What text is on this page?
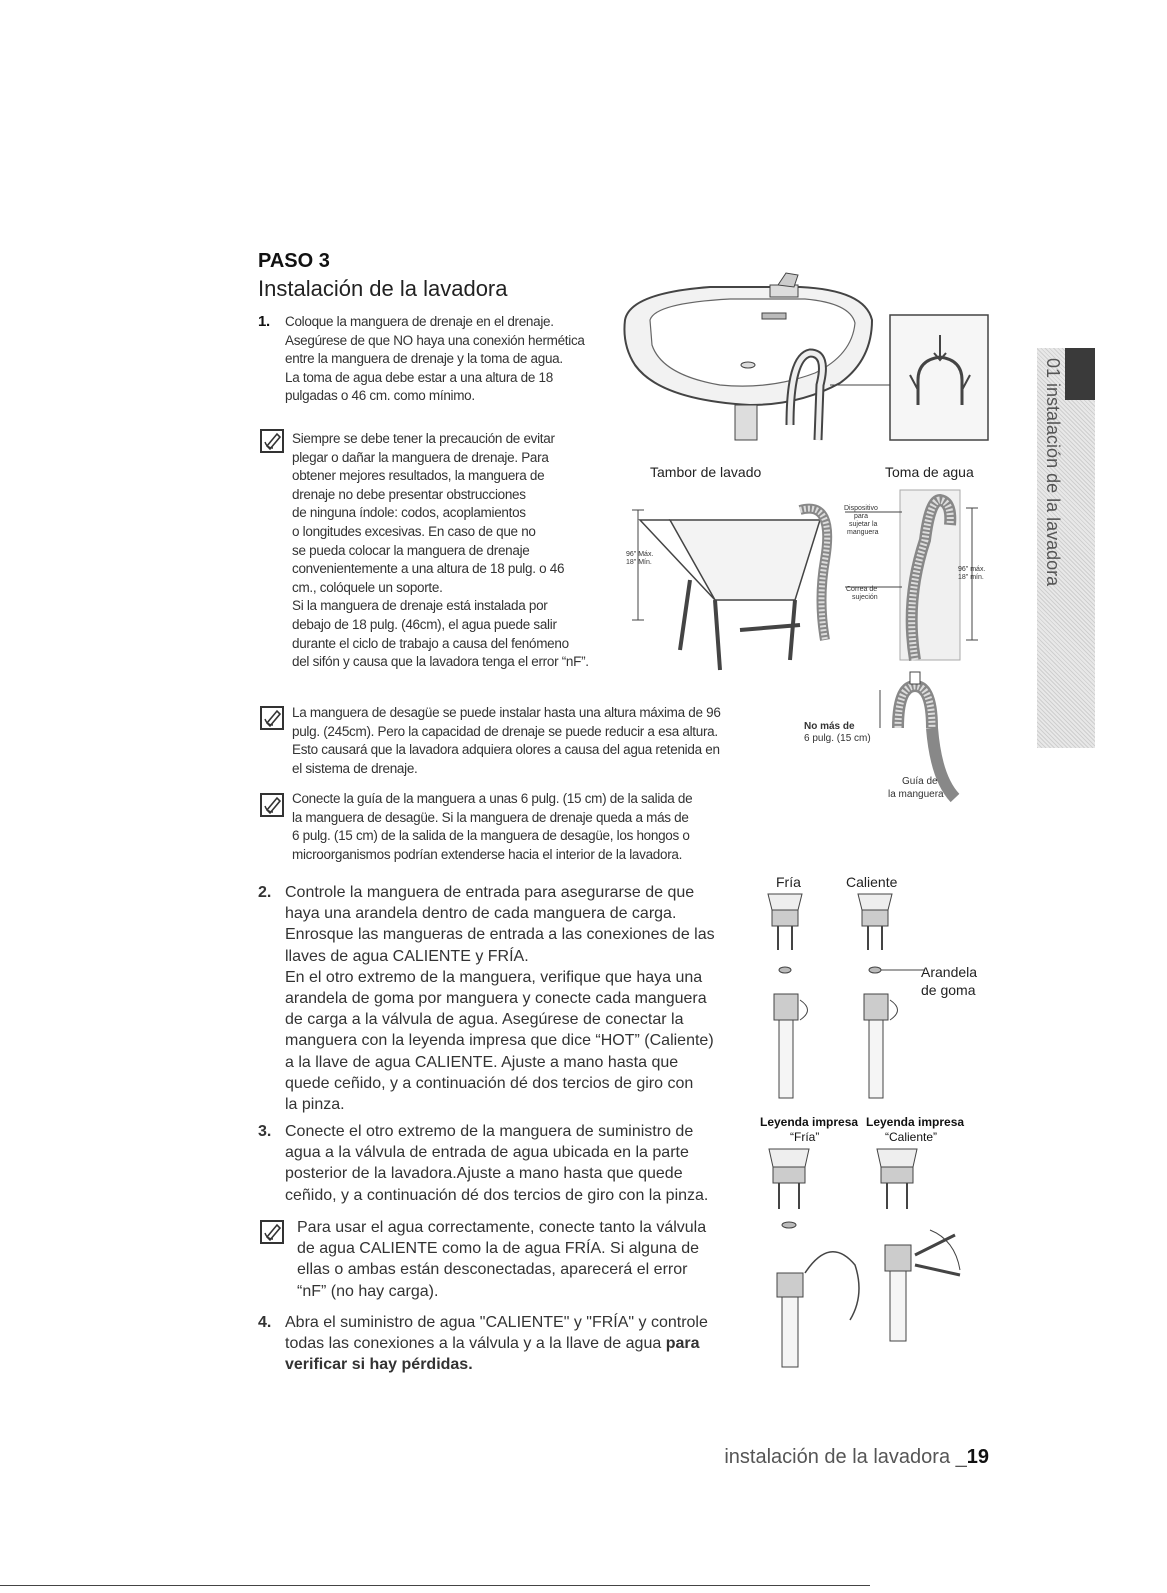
PASO 3
Instalación de la lavadora
01 instalación de la lavadora
1. Coloque la manguera de drenaje en el drenaje.
Asegúrese de que NO haya una conexión hermética
entre la manguera de drenaje y la toma de agua.
La toma de agua debe estar a una altura de 18
pulgadas o 46 cm. como mínimo.
Siempre se debe tener la precaución de evitar
plegar o dañar la manguera de drenaje. Para
obtener mejores resultados, la manguera de
drenaje no debe presentar obstrucciones
de ninguna índole: codos, acoplamientos
o longitudes excesivas. En caso de que no
se pueda colocar la manguera de drenaje
convenientemente a una altura de 18 pulg. o 46
cm., colóquele un soporte.
Si la manguera de drenaje está instalada por
debajo de 18 pulg. (46cm), el agua puede salir
durante el ciclo de trabajo a causa del fenómeno
del sifón y causa que la lavadora tenga el error “nF”.
La manguera de desagüe se puede instalar hasta una altura máxima de 96
pulg. (245cm). Pero la capacidad de drenaje se puede reducir a esa altura.
Esto causará que la lavadora adquiera olores a causa del agua retenida en
el sistema de drenaje.
Conecte la guía de la manguera a unas 6 pulg. (15 cm) de la salida de
la manguera de desagüe. Si la manguera de drenaje queda a más de
6 pulg. (15 cm) de la salida de la manguera de desagüe, los hongos o
microorganismos podrían extenderse hacia el interior de la lavadora.
2. Controle la manguera de entrada para asegurarse de que
haya una arandela dentro de cada manguera de carga.
Enrosque las mangueras de entrada a las conexiones de las
llaves de agua CALIENTE y FRÍA.
En el otro extremo de la manguera, verifique que haya una
arandela de goma por manguera y conecte cada manguera
de carga a la válvula de agua. Asegúrese de conectar la
manguera con la leyenda impresa que dice “HOT” (Caliente)
a la llave de agua CALIENTE. Ajuste a mano hasta que
quede ceñido, y a continuación dé dos tercios de giro con
la pinza.
3. Conecte el otro extremo de la manguera de suministro de
agua a la válvula de entrada de agua ubicada en la parte
posterior de la lavadora.Ajuste a mano hasta que quede
ceñido, y a continuación dé dos tercios de giro con la pinza.
Para usar el agua correctamente, conecte tanto la válvula
de agua CALIENTE como la de agua FRÍA. Si alguna de
ellas o ambas están desconectadas, aparecerá el error
“nF” (no hay carga).
4. Abra el suministro de agua "CALIENTE" y "FRÍA" y controle
todas las conexiones a la válvula y a la llave de agua para
verificar si hay pérdidas.
Tambor de lavado	Toma de agua
96" Máx.
18" Mín.
96" máx.
18" mín.
Dispositivo
para
sujetar la
manguera
Correa de
sujeción
No más de
6 pulg. (15 cm)
Guía de
la manguera
Fría	Caliente
Arandela
de goma
Leyenda impresa
“Fría”
Leyenda impresa
“Caliente”
instalación de la lavadora _19
